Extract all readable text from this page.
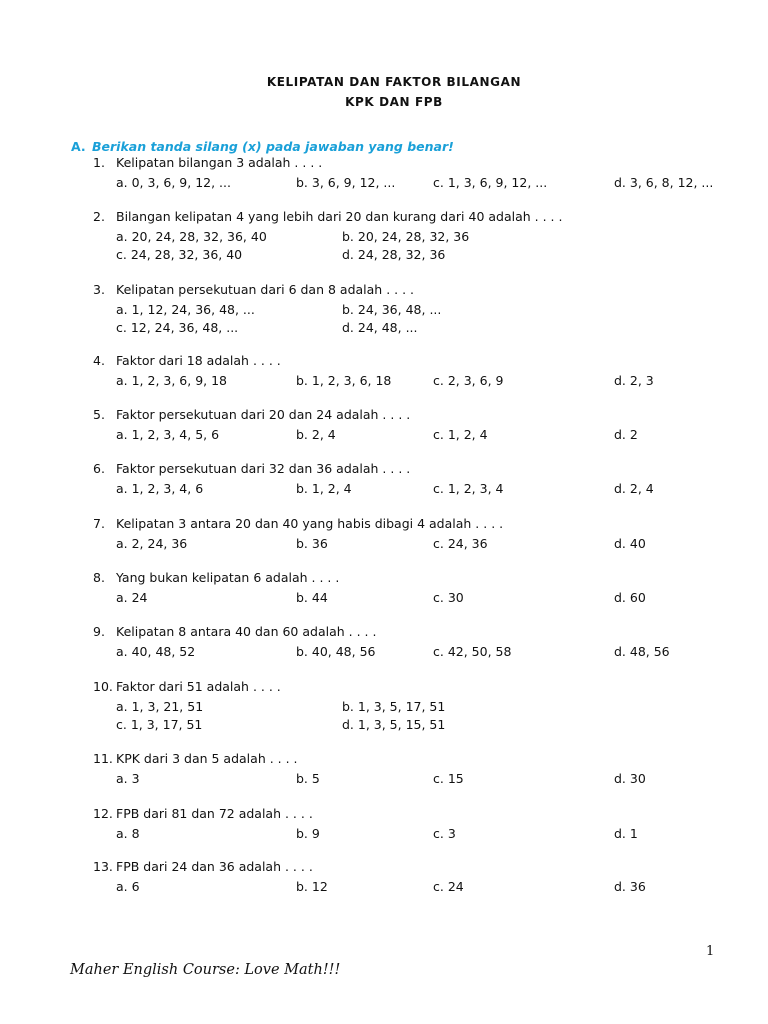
KELIPATAN DAN FAKTOR BILANGAN
KPK DAN FPB
A. Berikan tanda silang (x) pada jawaban yang benar!
1. Kelipatan bilangan 3 adalah . . . .
a. 0, 3, 6, 9, 12, ...	b. 3, 6, 9, 12, ...	c. 1, 3, 6, 9, 12, ...	d. 3, 6, 8, 12, ...
2. Bilangan kelipatan 4 yang lebih dari 20 dan kurang dari 40 adalah . . . .
a. 20, 24, 28, 32, 36, 40	b. 20, 24, 28, 32, 36
c. 24, 28, 32, 36, 40	d. 24, 28, 32, 36
3. Kelipatan persekutuan dari 6 dan 8 adalah . . . .
a. 1, 12, 24, 36, 48, ...	b. 24, 36, 48, ...
c. 12, 24, 36, 48, ...	d. 24, 48, ...
4. Faktor dari 18 adalah . . . .
a. 1, 2, 3, 6, 9, 18	b. 1, 2, 3, 6, 18	c. 2, 3, 6, 9	d. 2, 3
5. Faktor persekutuan dari 20 dan 24 adalah . . . .
a. 1, 2, 3, 4, 5, 6	b. 2, 4	c. 1, 2, 4	d. 2
6. Faktor persekutuan dari 32 dan 36 adalah . . . .
a. 1, 2, 3, 4, 6	b. 1, 2, 4	c. 1, 2, 3, 4	d. 2, 4
7. Kelipatan 3 antara 20 dan 40 yang habis dibagi 4 adalah . . . .
a. 2, 24, 36	b. 36	c. 24, 36	d. 40
8. Yang bukan kelipatan 6 adalah . . . .
a. 24	b. 44	c. 30	d. 60
9. Kelipatan 8 antara 40 dan 60 adalah . . . .
a. 40, 48, 52	b. 40, 48, 56	c. 42, 50, 58	d. 48, 56
10. Faktor dari 51 adalah . . . .
a. 1, 3, 21, 51	b. 1, 3, 5, 17, 51
c. 1, 3, 17, 51	d. 1, 3, 5, 15, 51
11. KPK dari 3 dan 5 adalah . . . .
a. 3	b. 5	c. 15	d. 30
12. FPB dari 81 dan 72 adalah . . . .
a. 8	b. 9	c. 3	d. 1
13. FPB dari 24 dan 36 adalah . . . .
a. 6	b. 12	c. 24	d. 36
1
Maher English Course: Love Math!!!
